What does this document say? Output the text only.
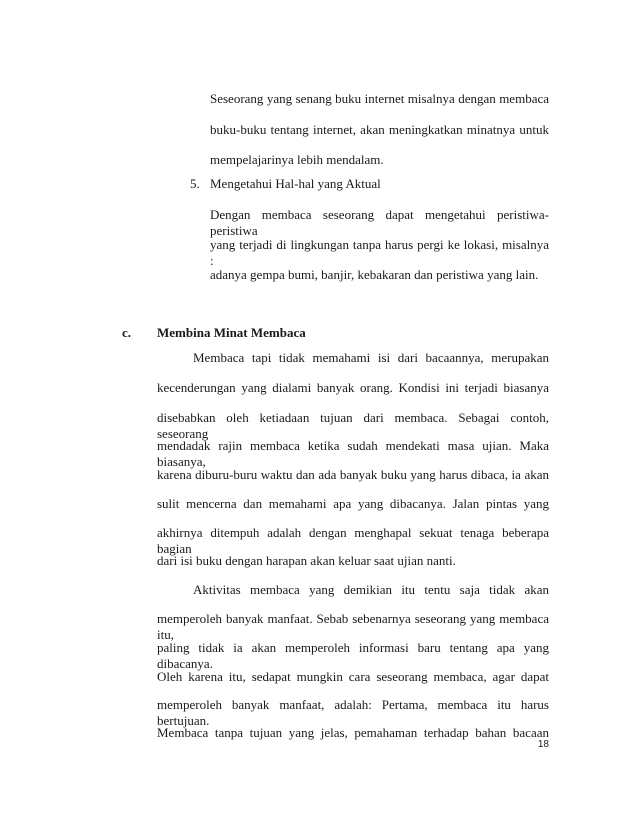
Seseorang yang senang buku internet misalnya dengan membaca
buku-buku tentang internet, akan meningkatkan minatnya untuk
mempelajarinya lebih mendalam.
5. Mengetahui Hal-hal yang Aktual
Dengan membaca seseorang dapat mengetahui peristiwa-peristiwa
yang terjadi di lingkungan tanpa harus pergi ke lokasi, misalnya :
adanya gempa bumi, banjir, kebakaran dan peristiwa yang lain.
c. Membina Minat Membaca
Membaca tapi tidak memahami isi dari bacaannya, merupakan
kecenderungan yang dialami banyak orang. Kondisi ini terjadi biasanya
disebabkan oleh ketiadaan tujuan dari membaca. Sebagai contoh, seseorang
mendadak rajin membaca ketika sudah mendekati masa ujian. Maka biasanya,
karena diburu-buru waktu dan ada banyak buku yang harus dibaca, ia akan
sulit mencerna dan memahami apa yang dibacanya. Jalan pintas yang
akhirnya ditempuh adalah dengan menghapal sekuat tenaga beberapa bagian
dari isi buku dengan harapan akan keluar saat ujian nanti.
Aktivitas membaca yang demikian itu tentu saja tidak akan
memperoleh banyak manfaat. Sebab sebenarnya seseorang yang membaca itu,
paling tidak ia akan memperoleh informasi baru tentang apa yang dibacanya.
Oleh karena itu, sedapat mungkin cara seseorang membaca, agar dapat
memperoleh banyak manfaat, adalah: Pertama, membaca itu harus bertujuan.
Membaca tanpa tujuan yang jelas, pemahaman terhadap bahan bacaan
18
